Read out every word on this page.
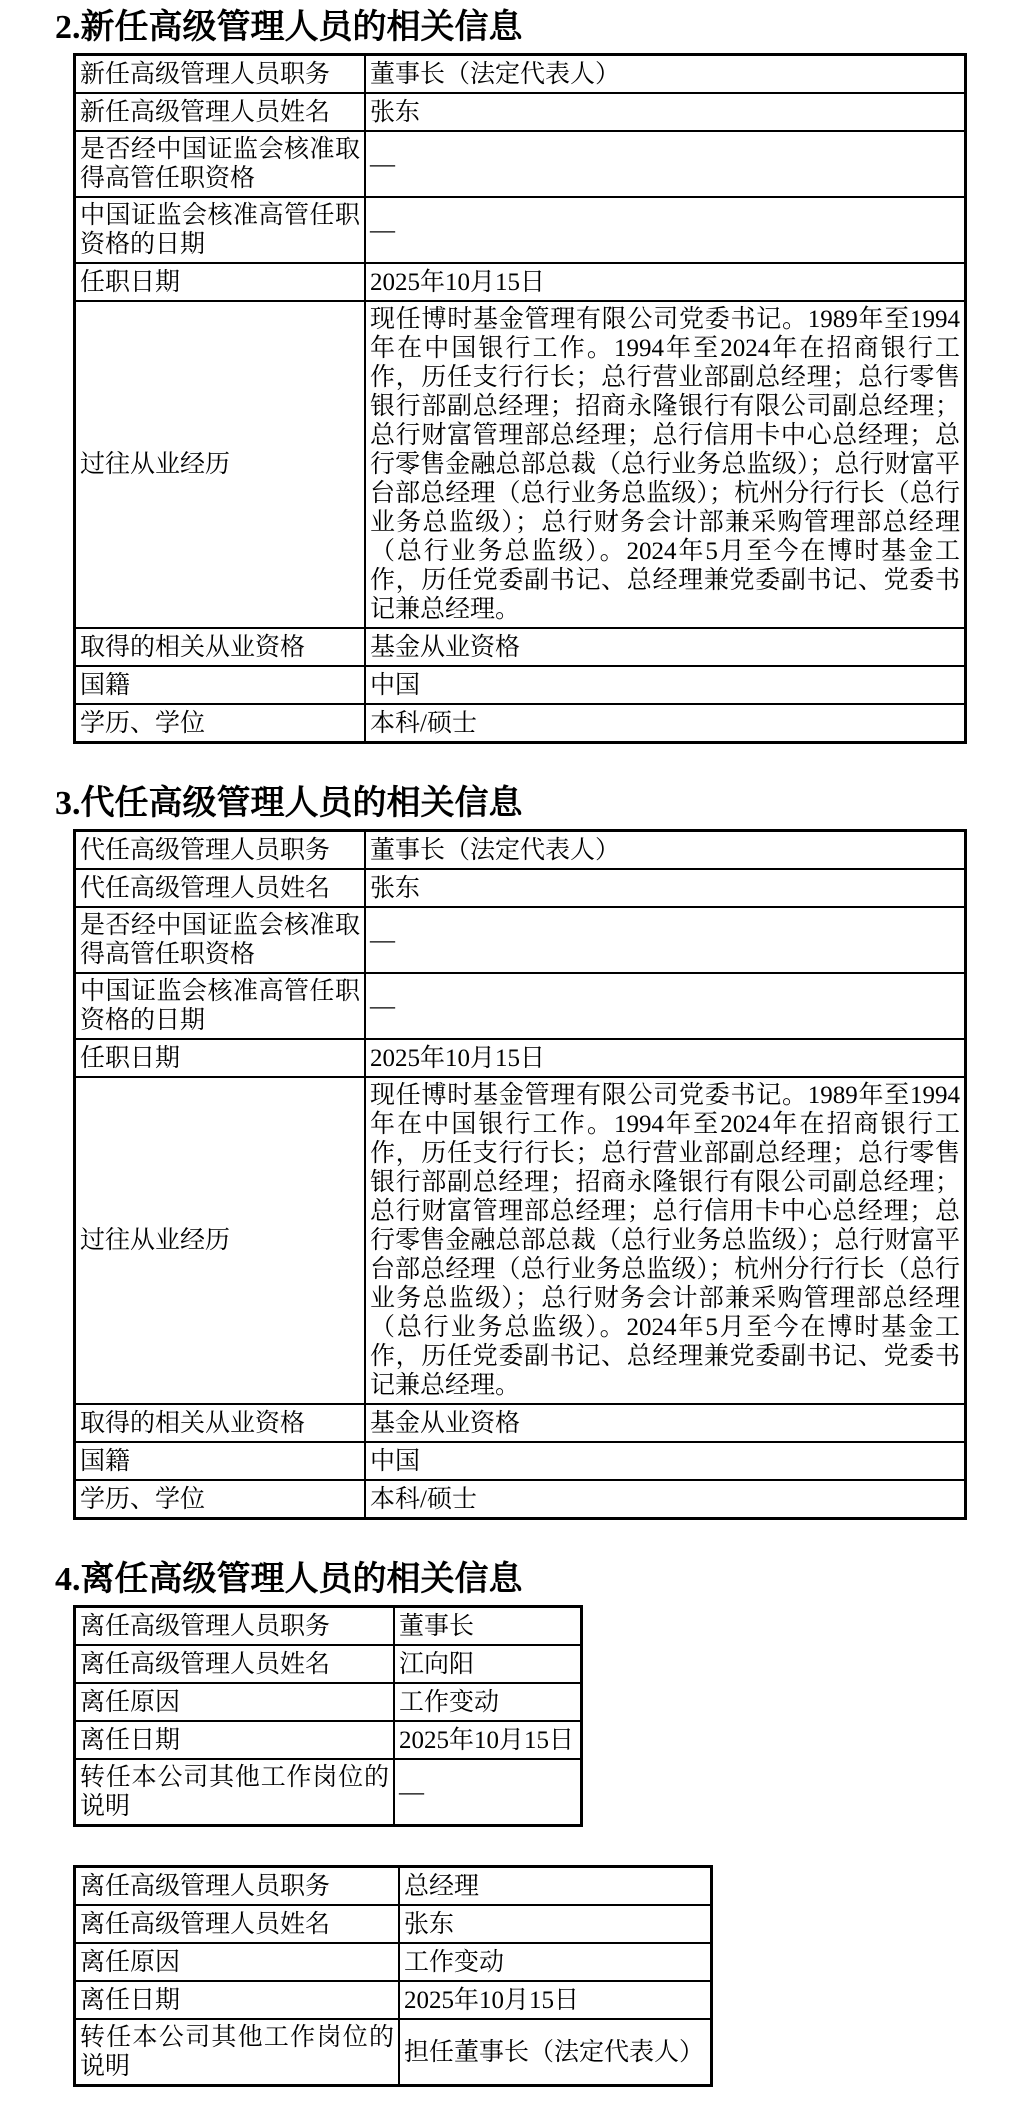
2.新任高级管理人员的相关信息
新任高级管理人员职务	董事长（法定代表人）
新任高级管理人员姓名	张东
是否经中国证监会核准取得高管任职资格	—
中国证监会核准高管任职资格的日期	—
任职日期	2025年10月15日
过往从业经历	现任博时基金管理有限公司党委书记。1989年至1994年在中国银行工作。1994年至2024年在招商银行工作，历任支行行长；总行营业部副总经理；总行零售银行部副总经理；招商永隆银行有限公司副总经理；总行财富管理部总经理；总行信用卡中心总经理；总行零售金融总部总裁（总行业务总监级）；总行财富平台部总经理（总行业务总监级）；杭州分行行长（总行业务总监级）；总行财务会计部兼采购管理部总经理（总行业务总监级）。2024年5月至今在博时基金工作，历任党委副书记、总经理兼党委副书记、党委书记兼总经理。
取得的相关从业资格	基金从业资格
国籍	中国
学历、学位	本科/硕士
3.代任高级管理人员的相关信息
代任高级管理人员职务	董事长（法定代表人）
代任高级管理人员姓名	张东
是否经中国证监会核准取得高管任职资格	—
中国证监会核准高管任职资格的日期	—
任职日期	2025年10月15日
过往从业经历	现任博时基金管理有限公司党委书记。1989年至1994年在中国银行工作。1994年至2024年在招商银行工作，历任支行行长；总行营业部副总经理；总行零售银行部副总经理；招商永隆银行有限公司副总经理；总行财富管理部总经理；总行信用卡中心总经理；总行零售金融总部总裁（总行业务总监级）；总行财富平台部总经理（总行业务总监级）；杭州分行行长（总行业务总监级）；总行财务会计部兼采购管理部总经理（总行业务总监级）。2024年5月至今在博时基金工作，历任党委副书记、总经理兼党委副书记、党委书记兼总经理。
取得的相关从业资格	基金从业资格
国籍	中国
学历、学位	本科/硕士
4.离任高级管理人员的相关信息
离任高级管理人员职务	董事长
离任高级管理人员姓名	江向阳
离任原因	工作变动
离任日期	2025年10月15日
转任本公司其他工作岗位的说明	—
离任高级管理人员职务	总经理
离任高级管理人员姓名	张东
离任原因	工作变动
离任日期	2025年10月15日
转任本公司其他工作岗位的说明	担任董事长（法定代表人）
